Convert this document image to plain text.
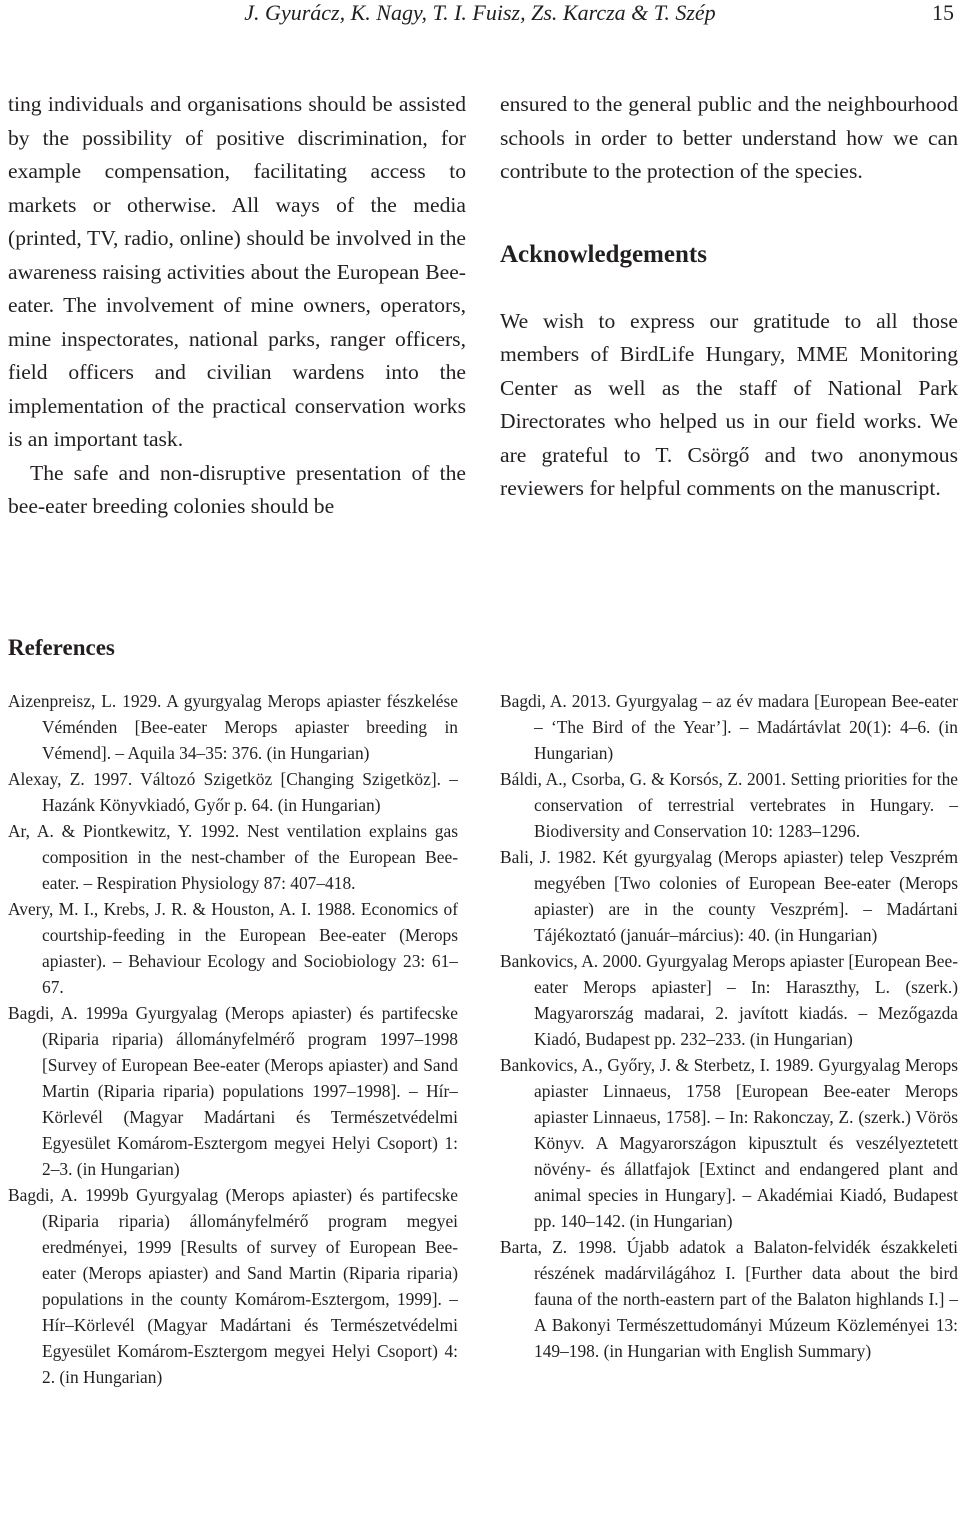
J. Gyurácz, K. Nagy, T. I. Fuisz, Zs. Karcza & T. Szép	15

ting individuals and organisations should be assisted by the possibility of positive discrimination, for example compensation, facilitating access to markets or otherwise. All ways of the media (printed, TV, radio, online) should be involved in the awareness raising activities about the European Bee-eater. The involvement of mine owners, operators, mine inspectorates, national parks, ranger officers, field officers and civilian wardens into the implementation of the practical conservation works is an important task.

The safe and non-disruptive presentation of the bee-eater breeding colonies should be

ensured to the general public and the neighbourhood schools in order to better understand how we can contribute to the protection of the species.

Acknowledgements

We wish to express our gratitude to all those members of BirdLife Hungary, MME Monitoring Center as well as the staff of National Park Directorates who helped us in our field works. We are grateful to T. Csörgő and two anonymous reviewers for helpful comments on the manuscript.

References

Aizenpreisz, L. 1929. A gyurgyalag Merops apiaster fészkelése Véménden [Bee-eater Merops apiaster breeding in Vémend]. – Aquila 34–35: 376. (in Hungarian)

Alexay, Z. 1997. Változó Szigetköz [Changing Szigetköz]. – Hazánk Könyvkiadó, Győr p. 64. (in Hungarian)

Ar, A. & Piontkewitz, Y. 1992. Nest ventilation explains gas composition in the nest-chamber of the European Bee-eater. – Respiration Physiology 87: 407–418.

Avery, M. I., Krebs, J. R. & Houston, A. I. 1988. Economics of courtship-feeding in the European Bee-eater (Merops apiaster). – Behaviour Ecology and Sociobiology 23: 61–67.

Bagdi, A. 1999a Gyurgyalag (Merops apiaster) és partifecske (Riparia riparia) állományfelmérő program 1997–1998 [Survey of European Bee-eater (Merops apiaster) and Sand Martin (Riparia riparia) populations 1997–1998]. – Hír–Körlevél (Magyar Madártani és Természetvédelmi Egyesület Komárom-Esztergom megyei Helyi Csoport) 1: 2–3. (in Hungarian)

Bagdi, A. 1999b Gyurgyalag (Merops apiaster) és partifecske (Riparia riparia) állományfelmérő program megyei eredményei, 1999 [Results of survey of European Bee-eater (Merops apiaster) and Sand Martin (Riparia riparia) populations in the county Komárom-Esztergom, 1999]. – Hír–Körlevél (Magyar Madártani és Természetvédelmi Egyesület Komárom-Esztergom megyei Helyi Csoport) 4: 2. (in Hungarian)

Bagdi, A. 2013. Gyurgyalag – az év madara [European Bee-eater – ‘The Bird of the Year’]. – Madártávlat 20(1): 4–6. (in Hungarian)

Báldi, A., Csorba, G. & Korsós, Z. 2001. Setting priorities for the conservation of terrestrial vertebrates in Hungary. – Biodiversity and Conservation 10: 1283–1296.

Bali, J. 1982. Két gyurgyalag (Merops apiaster) telep Veszprém megyében [Two colonies of European Bee-eater (Merops apiaster) are in the county Veszprém]. – Madártani Tájékoztató (január–március): 40. (in Hungarian)

Bankovics, A. 2000. Gyurgyalag Merops apiaster [European Bee-eater Merops apiaster] – In: Haraszthy, L. (szerk.) Magyarország madarai, 2. javított kiadás. – Mezőgazda Kiadó, Budapest pp. 232–233. (in Hungarian)

Bankovics, A., Győry, J. & Sterbetz, I. 1989. Gyurgyalag Merops apiaster Linnaeus, 1758 [European Bee-eater Merops apiaster Linnaeus, 1758]. – In: Rakonczay, Z. (szerk.) Vörös Könyv. A Magyarországon kipusztult és veszélyeztetett növény- és állatfajok [Extinct and endangered plant and animal species in Hungary]. – Akadémiai Kiadó, Budapest pp. 140–142. (in Hungarian)

Barta, Z. 1998. Újabb adatok a Balaton-felvidék északkeleti részének madárvilágához I. [Further data about the bird fauna of the north-eastern part of the Balaton highlands I.] – A Bakonyi Természettudományi Múzeum Közleményei 13: 149–198. (in Hungarian with English Summary)
